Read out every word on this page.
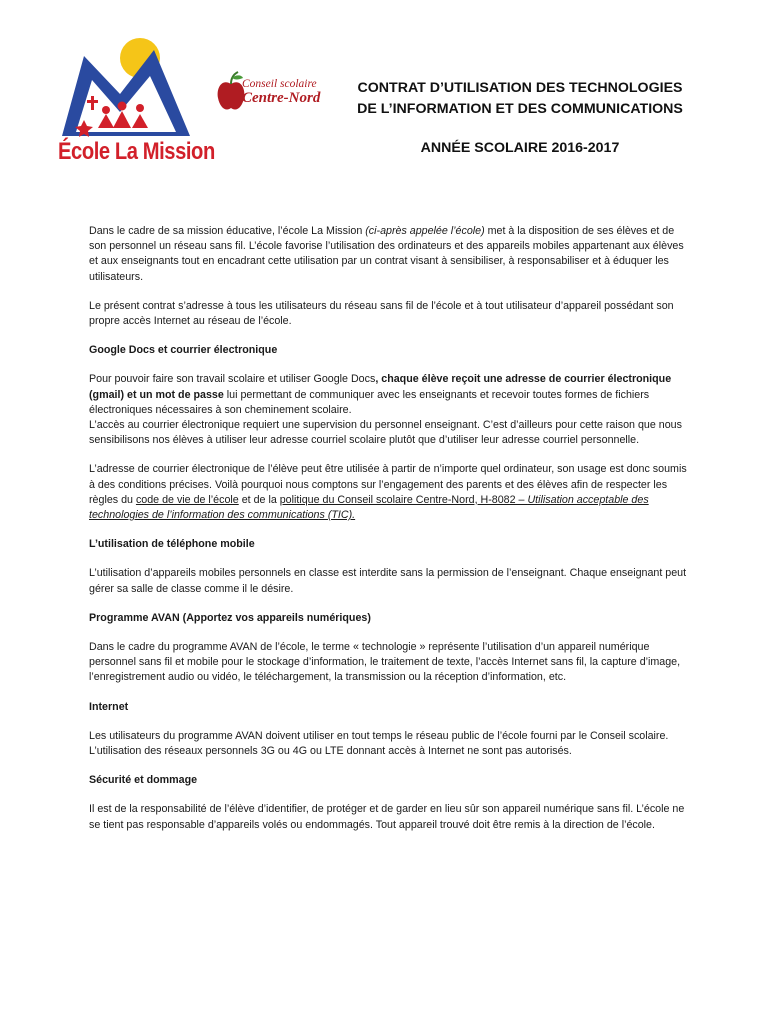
École La Mission
Conseil scolaire
Centre-Nord
CONTRAT D’UTILISATION DES TECHNOLOGIES
DE L’INFORMATION ET DES COMMUNICATIONS
ANNÉE SCOLAIRE 2016-2017

Dans le cadre de sa mission éducative, l’école La Mission (ci-après appelée l’école) met à la disposition de ses élèves et de son personnel un réseau sans fil. L’école favorise l’utilisation des ordinateurs et des appareils mobiles appartenant aux élèves et aux enseignants tout en encadrant cette utilisation par un contrat visant à sensibiliser, à responsabiliser et à éduquer les utilisateurs.

Le présent contrat s’adresse à tous les utilisateurs du réseau sans fil de l’école et à tout utilisateur d’appareil possédant son propre accès Internet au réseau de l’école.

Google Docs et courrier électronique

Pour pouvoir faire son travail scolaire et utiliser Google Docs, chaque élève reçoit une adresse de courrier électronique (gmail) et un mot de passe lui permettant de communiquer avec les enseignants et recevoir toutes formes de fichiers électroniques nécessaires à son cheminement scolaire.
L’accès au courrier électronique requiert une supervision du personnel enseignant. C’est d’ailleurs pour cette raison que nous sensibilisons nos élèves à utiliser leur adresse courriel scolaire plutôt que d’utiliser leur adresse courriel personnelle.

L’adresse de courrier électronique de l’élève peut être utilisée à partir de n’importe quel ordinateur, son usage est donc soumis à des conditions précises. Voilà pourquoi nous comptons sur l’engagement des parents et des élèves afin de respecter les règles du code de vie de l’école et de la politique du Conseil scolaire Centre-Nord, H-8082 – Utilisation acceptable des technologies de l’information des communications (TIC).

L’utilisation de téléphone mobile

L’utilisation d’appareils mobiles personnels en classe est interdite sans la permission de l’enseignant. Chaque enseignant peut gérer sa salle de classe comme il le désire.

Programme AVAN (Apportez vos appareils numériques)

Dans le cadre du programme AVAN de l’école, le terme « technologie » représente l’utilisation d’un appareil numérique personnel sans fil et mobile pour le stockage d’information, le traitement de texte, l’accès Internet sans fil, la capture d’image, l’enregistrement audio ou vidéo, le téléchargement, la transmission ou la réception d’information, etc.

Internet

Les utilisateurs du programme AVAN doivent utiliser en tout temps le réseau public de l’école fourni par le Conseil scolaire. L’utilisation des réseaux personnels 3G ou 4G ou LTE donnant accès à Internet ne sont pas autorisés.

Sécurité et dommage

Il est de la responsabilité de l’élève d’identifier, de protéger et de garder en lieu sûr son appareil numérique sans fil. L’école ne se tient pas responsable d’appareils volés ou endommagés. Tout appareil trouvé doit être remis à la direction de l’école.
